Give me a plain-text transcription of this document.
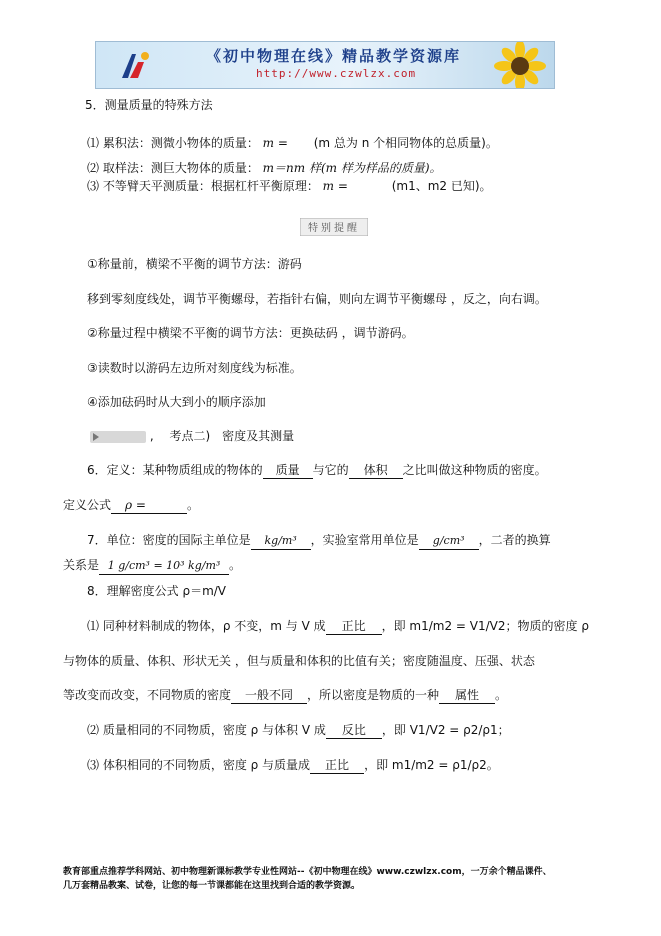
《初中物理在线》精品教学资源库
http://www.czwlzx.com
5．测量质量的特殊方法
⑴ 累积法：测微小物体的质量： m = (m 总为 n 个相同物体的总质量)。
⑵ 取样法：测巨大物体的质量： m＝nm 样(m 样为样品的质量)。
⑶ 不等臂天平测质量：根据杠杆平衡原理： m =	(m1、m2 已知)。
特别提醒
①称量前，横梁不平衡的调节方法：游码
移到零刻度线处，调节平衡螺母，若指针右偏，则向左调节平衡螺母 ，反之，向右调。
②称量过程中横梁不平衡的调节方法：更换砝码 ，调节游码。
③读数时以游码左边所对刻度线为标准。
④添加砝码时从大到小的顺序添加
, 考点二)　密度及其测量
6．定义：某种物质组成的物体的 质量 与它的 体积 之比叫做这种物质的密度。
定义公式 ρ =	。
7．单位：密度的国际主单位是 kg/m³ ，实验室常用单位是 g/cm³ ，二者的换算
关系是 1 g/cm³ = 10³ kg/m³ 。
8．理解密度公式 ρ＝m/V
⑴ 同种材料制成的物体，ρ 不变，m 与 V 成 正比 ，即 m1/m2 = V1/V2；物质的密度 ρ
与物体的质量、体积、形状无关 ，但与质量和体积的比值有关；密度随温度、压强、状态
等改变而改变，不同物质的密度 一般不同 ，所以密度是物质的一种 属性 。
⑵ 质量相同的不同物质，密度 ρ 与体积 V 成 反比 ，即 V1/V2 = ρ2/ρ1；
⑶ 体积相同的不同物质，密度 ρ 与质量成 正比 ，即 m1/m2 = ρ1/ρ2。
教育部重点推荐学科网站、初中物理新课标教学专业性网站--《初中物理在线》www.czwlzx.com，一万余个精品课件、
几万套精品教案、试卷，让您的每一节课都能在这里找到合适的教学资源。
